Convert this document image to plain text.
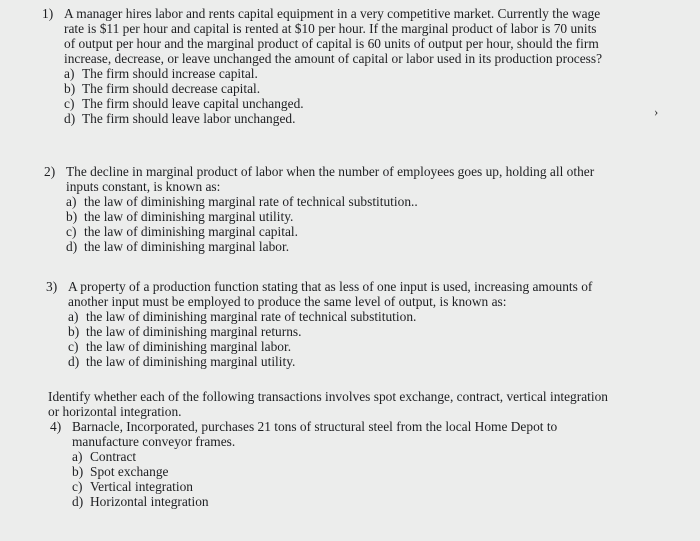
1) A manager hires labor and rents capital equipment in a very competitive market. Currently the wage

rate is $11 per hour and capital is rented at $10 per hour. If the marginal product of labor is 70 units
of output per hour and the marginal product of capital is 60 units of output per hour, should the firm
increase, decrease, or leave unchanged the amount of capital or labor used in its production process?
a) The firm should increase capital.
b) The firm should decrease capital.
c) The firm should leave capital unchanged.
d) The firm should leave labor unchanged.	›

2) The decline in marginal product of labor when the number of employees goes up, holding all other

inputs constant, is known as:
a) the law of diminishing marginal rate of technical substitution..
b) the law of diminishing marginal utility.
c) the law of diminishing marginal capital.
d) the law of diminishing marginal labor.

3) A property of a production function stating that as less of one input is used, increasing amounts of

another input must be employed to produce the same level of output, is known as:
a) the law of diminishing marginal rate of technical substitution.
b) the law of diminishing marginal returns.
c) the law of diminishing marginal labor.
d) the law of diminishing marginal utility.
Identify whether each of the following transactions involves spot exchange, contract, vertical integration
or horizontal integration.

4) Barnacle, Incorporated, purchases 21 tons of structural steel from the local Home Depot to

manufacture conveyor frames.
a) Contract
b) Spot exchange
c) Vertical integration
d) Horizontal integration
